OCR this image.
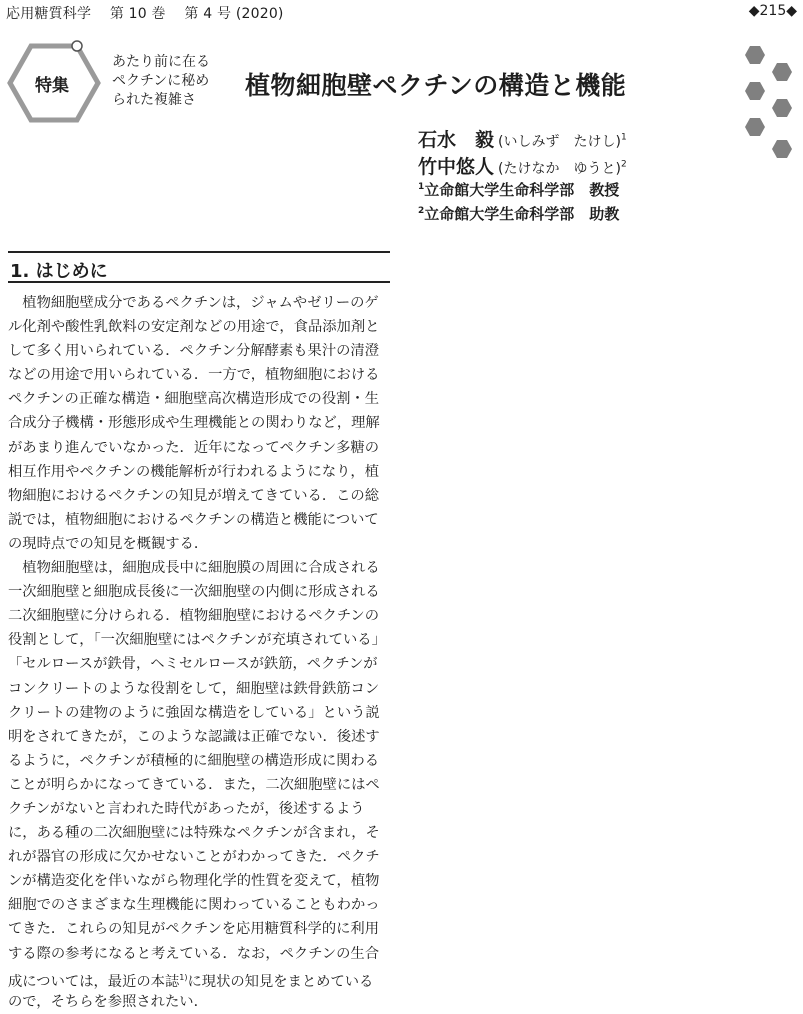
応用糖質科学 第 10 巻 第 4 号 (2020)	◆215◆
特集
あたり前に在る
ペクチンに秘め
られた複雑さ	植物細胞壁ペクチンの構造と機能
石水　毅 (いしみず　たけし)$^1$
竹中悠人 (たけなか　ゆうと)$^2$
$^1$立命館大学生命科学部　教授
$^2$立命館大学生命科学部　助教
1. はじめに
　植物細胞壁成分であるペクチンは，ジャムやゼリーのゲ
ル化剤や酸性乳飲料の安定剤などの用途で，食品添加剤と
して多く用いられている．ペクチン分解酵素も果汁の清澄
などの用途で用いられている．一方で，植物細胞における
ペクチンの正確な構造・細胞壁高次構造形成での役割・生
合成分子機構・形態形成や生理機能との関わりなど，理解
があまり進んでいなかった．近年になってペクチン多糖の
相互作用やペクチンの機能解析が行われるようになり，植
物細胞におけるペクチンの知見が増えてきている．この総
説では，植物細胞におけるペクチンの構造と機能について
の現時点での知見を概観する．
　植物細胞壁は，細胞成長中に細胞膜の周囲に合成される
一次細胞壁と細胞成長後に一次細胞壁の内側に形成される
二次細胞壁に分けられる．植物細胞壁におけるペクチンの
役割として，「一次細胞壁にはペクチンが充填されている」
「セルロースが鉄骨，ヘミセルロースが鉄筋，ペクチンが
コンクリートのような役割をして，細胞壁は鉄骨鉄筋コン
クリートの建物のように強固な構造をしている」という説
明をされてきたが，このような認識は正確でない．後述す
るように，ペクチンが積極的に細胞壁の構造形成に関わる
ことが明らかになってきている．また，二次細胞壁にはペ
クチンがないと言われた時代があったが，後述するよう
に，ある種の二次細胞壁には特殊なペクチンが含まれ，そ
れが器官の形成に欠かせないことがわかってきた．ペクチ
ンが構造変化を伴いながら物理化学的性質を変えて，植物
細胞でのさまざまな生理機能に関わっていることもわかっ
てきた．これらの知見がペクチンを応用糖質科学的に利用
する際の参考になると考えている．なお，ペクチンの生合
成については，最近の本誌$^{1)}$に現状の知見をまとめている
ので，そちらを参照されたい．
